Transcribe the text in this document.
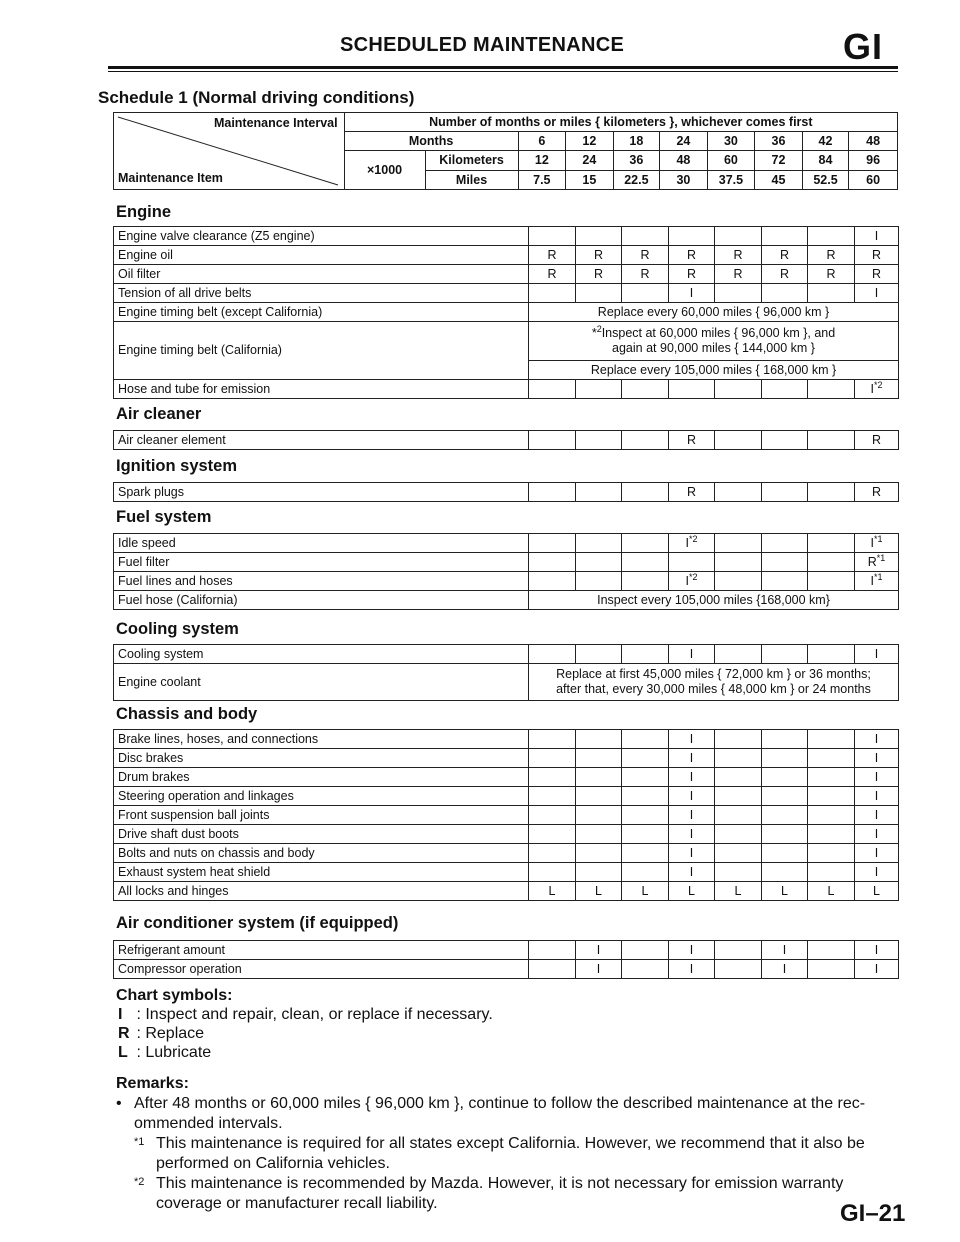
SCHEDULED MAINTENANCE	GI
Schedule 1 (Normal driving conditions)
Maintenance Interval
Maintenance Item	Number of months or miles { kilometers }, whichever comes first									
	Months		6	12	18	24	30	36	42	48
	×1000	Kilometers	12	24	36	48	60	72	84	96
		Miles	7.5	15	22.5	30	37.5	45	52.5	60
Engine
Engine valve clearance (Z5 engine)								I
Engine oil	R	R	R	R	R	R	R	R
Oil filter	R	R	R	R	R	R	R	R
Tension of all drive belts				I				I
Engine timing belt (except California)	Replace every 60,000 miles { 96,000 km }							
Engine timing belt (California)	*$^2$Inspect at 60,000 miles { 96,000 km }, and
again at 90,000 miles { 144,000 km }							
	Replace every 105,000 miles { 168,000 km }							
Hose and tube for emission								$I^{*2}$
Air cleaner
Air cleaner element				R				R
Ignition system
Spark plugs				R				R
Fuel system
Idle speed				$I^{*2}$				$I^{*1}$
Fuel filter								$R^{*1}$
Fuel lines and hoses				$I^{*2}$				$I^{*1}$
Fuel hose (California)	Inspect every 105,000 miles {168,000 km}							
Cooling system
Cooling system				I				I
Engine coolant	Replace at first 45,000 miles { 72,000 km } or 36 months;
after that, every 30,000 miles { 48,000 km } or 24 months							
Chassis and body
Brake lines, hoses, and connections				I				I
Disc brakes				I				I
Drum brakes				I				I
Steering operation and linkages				I				I
Front suspension ball joints				I				I
Drive shaft dust boots				I				I
Bolts and nuts on chassis and body				I				I
Exhaust system heat shield				I				I
All locks and hinges	L	L	L	L	L	L	L	L
Air conditioner system (if equipped)
Refrigerant amount		I		I		I		I
Compressor operation		I		I		I		I
Chart symbols:
I : Inspect and repair, clean, or replace if necessary.
R : Replace
L : Lubricate
Remarks:
• After 48 months or 60,000 miles { 96,000 km }, continue to follow the described maintenance at the rec-ommended intervals.
*1 This maintenance is required for all states except California. However, we recommend that it also be performed on California vehicles.
*2 This maintenance is recommended by Mazda. However, it is not necessary for emission warranty coverage or manufacturer recall liability.	GI–21
